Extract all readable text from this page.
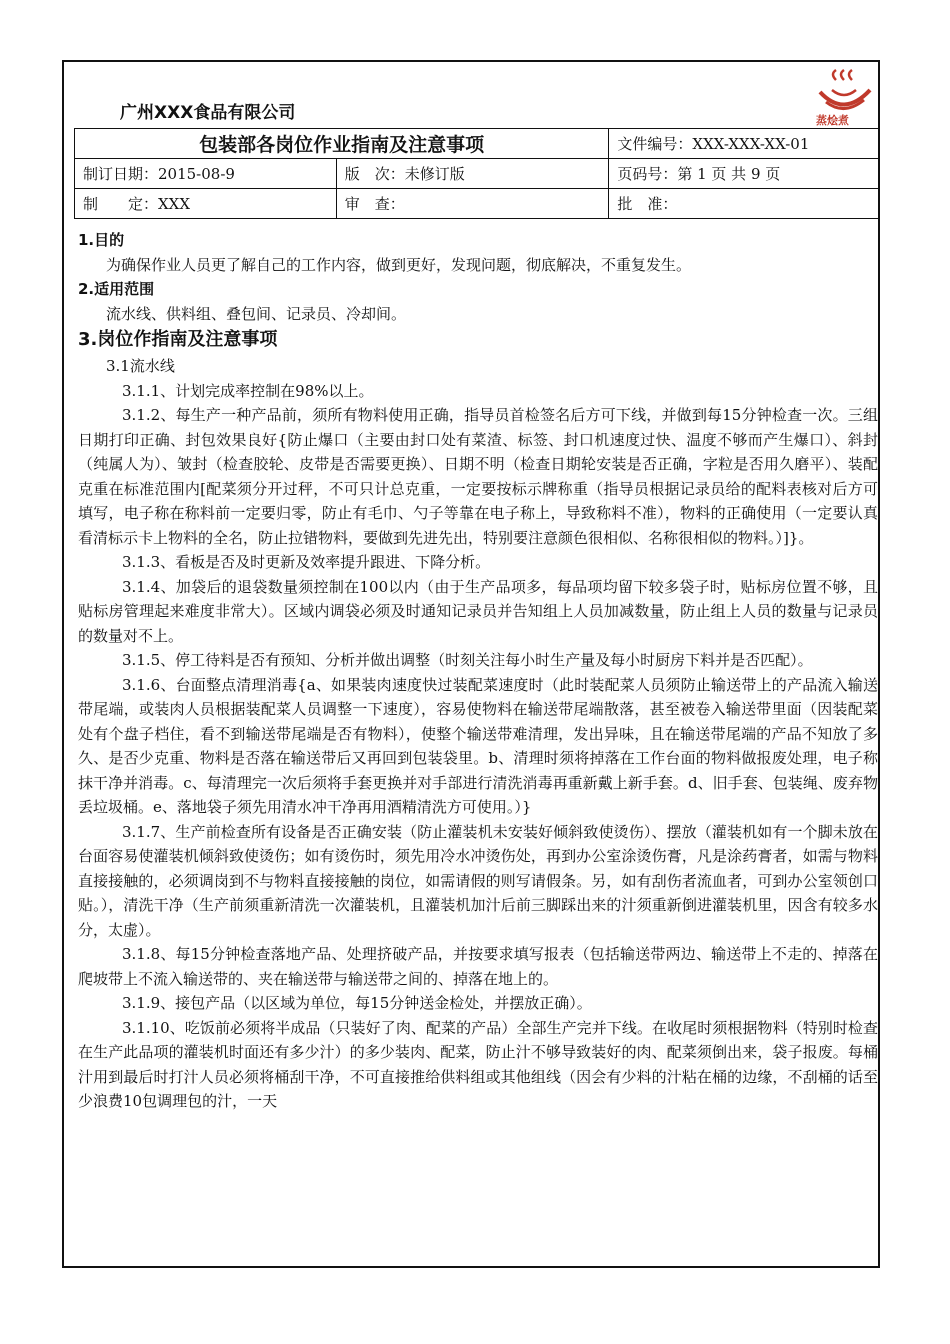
广州XXX食品有限公司	蒸烩煮
包装部各岗位作业指南及注意事项		文件编号：XXX-XXX-XX-01
制订日期：2015-08-9	版　次：未修订版	页码号：第 1 页 共 9 页
制　　定：XXX	审　查：	批　准：
1.目的

为确保作业人员更了解自己的工作内容，做到更好，发现问题，彻底解决，不重复发生。

2.适用范围

流水线、供料组、叠包间、记录员、冷却间。

3.岗位作指南及注意事项
3.1流水线

3.1.1、计划完成率控制在98%以上。

3.1.2、每生产一种产品前，须所有物料使用正确，指导员首检签名后方可下线，并做到每15分钟检查一次。三组日期打印正确、封包效果良好{防止爆口（主要由封口处有菜渣、标签、封口机速度过快、温度不够而产生爆口）、斜封（纯属人为）、皱封（检查胶轮、皮带是否需要更换）、日期不明（检查日期轮安装是否正确，字粒是否用久磨平）、装配克重在标准范围内[配菜须分开过秤，不可只计总克重，一定要按标示牌称重（指导员根据记录员给的配料表核对后方可填写，电子称在称料前一定要归零，防止有毛巾、勺子等靠在电子称上，导致称料不准），物料的正确使用（一定要认真看清标示卡上物料的全名，防止拉错物料，要做到先进先出，特别要注意颜色很相似、名称很相似的物料。）]}。

3.1.3、看板是否及时更新及效率提升跟进、下降分析。

3.1.4、加袋后的退袋数量须控制在100以内（由于生产品项多，每品项均留下较多袋子时，贴标房位置不够，且贴标房管理起来难度非常大）。区域内调袋必须及时通知记录员并告知组上人员加减数量，防止组上人员的数量与记录员的数量对不上。

3.1.5、停工待料是否有预知、分析并做出调整（时刻关注每小时生产量及每小时厨房下料并是否匹配）。

3.1.6、台面整点清理消毒{a、如果装肉速度快过装配菜速度时（此时装配菜人员须防止输送带上的产品流入输送带尾端，或装肉人员根据装配菜人员调整一下速度），容易使物料在输送带尾端散落，甚至被卷入输送带里面（因装配菜处有个盘子档住，看不到输送带尾端是否有物料），使整个输送带难清理，发出异味，且在输送带尾端的产品不知放了多久、是否少克重、物料是否落在输送带后又再回到包装袋里。b、清理时须将掉落在工作台面的物料做报废处理，电子称抹干净并消毒。c、每清理完一次后须将手套更换并对手部进行清洗消毒再重新戴上新手套。d、旧手套、包装绳、废弃物丢垃圾桶。e、落地袋子须先用清水冲干净再用酒精清洗方可使用。）}

3.1.7、生产前检查所有设备是否正确安装（防止灌装机未安装好倾斜致使烫伤）、摆放（灌装机如有一个脚未放在台面容易使灌装机倾斜致使烫伤；如有烫伤时，须先用冷水冲烫伤处，再到办公室涂烫伤膏，凡是涂药膏者，如需与物料直接接触的，必须调岗到不与物料直接接触的岗位，如需请假的则写请假条。另，如有刮伤者流血者，可到办公室领创口贴。），清洗干净（生产前须重新清洗一次灌装机，且灌装机加汁后前三脚踩出来的汁须重新倒进灌装机里，因含有较多水分，太虚）。

3.1.8、每15分钟检查落地产品、处理挤破产品，并按要求填写报表（包括输送带两边、输送带上不走的、掉落在爬坡带上不流入输送带的、夹在输送带与输送带之间的、掉落在地上的。

3.1.9、接包产品（以区域为单位，每15分钟送金检处，并摆放正确）。

3.1.10、吃饭前必须将半成品（只装好了肉、配菜的产品）全部生产完并下线。在收尾时须根据物料（特别时检查在生产此品项的灌装机时面还有多少汁）的多少装肉、配菜，防止汁不够导致装好的肉、配菜须倒出来，袋子报废。每桶汁用到最后时打汁人员必须将桶刮干净，不可直接推给供料组或其他组线（因会有少料的汁粘在桶的边缘，不刮桶的话至少浪费10包调理包的汁，一天
